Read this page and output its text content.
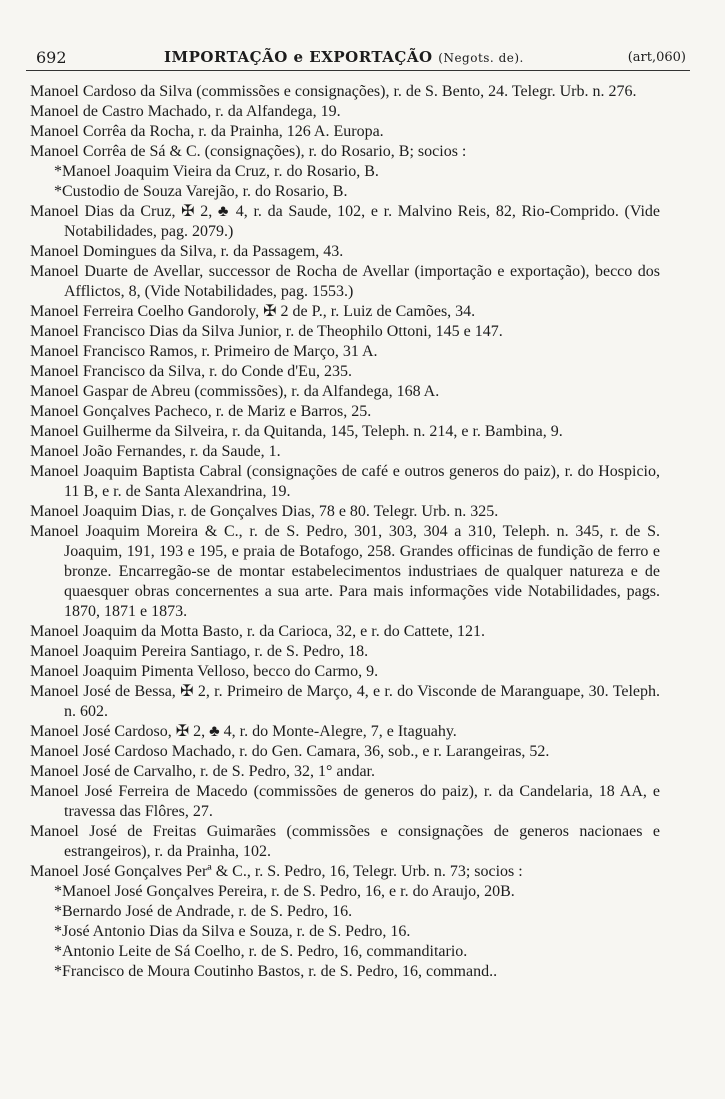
692	IMPORTAÇÃO e EXPORTAÇÃO (Negots. de).	(art,060)

Manoel Cardoso da Silva (commissões e consignações), r. de S. Bento, 24. Telegr. Urb. n. 276.

Manoel de Castro Machado, r. da Alfandega, 19.

Manoel Corrêa da Rocha, r. da Prainha, 126 A. Europa.

Manoel Corrêa de Sá & C. (consignações), r. do Rosario, B; socios :

*Manoel Joaquim Vieira da Cruz, r. do Rosario, B.

*Custodio de Souza Varejão, r. do Rosario, B.

Manoel Dias da Cruz, ✠ 2, ♣ 4, r. da Saude, 102, e r. Malvino Reis, 82, Rio-Comprido. (Vide Notabilidades, pag. 2079.)

Manoel Domingues da Silva, r. da Passagem, 43.

Manoel Duarte de Avellar, successor de Rocha de Avellar (importação e exportação), becco dos Afflictos, 8, (Vide Notabilidades, pag. 1553.)

Manoel Ferreira Coelho Gandoroly, ✠ 2 de P., r. Luiz de Camões, 34.

Manoel Francisco Dias da Silva Junior, r. de Theophilo Ottoni, 145 e 147.

Manoel Francisco Ramos, r. Primeiro de Março, 31 A.

Manoel Francisco da Silva, r. do Conde d'Eu, 235.

Manoel Gaspar de Abreu (commissões), r. da Alfandega, 168 A.

Manoel Gonçalves Pacheco, r. de Mariz e Barros, 25.

Manoel Guilherme da Silveira, r. da Quitanda, 145, Teleph. n. 214, e r. Bambina, 9.

Manoel João Fernandes, r. da Saude, 1.

Manoel Joaquim Baptista Cabral (consignações de café e outros generos do paiz), r. do Hospicio, 11 B, e r. de Santa Alexandrina, 19.

Manoel Joaquim Dias, r. de Gonçalves Dias, 78 e 80. Telegr. Urb. n. 325.

Manoel Joaquim Moreira & C., r. de S. Pedro, 301, 303, 304 a 310, Teleph. n. 345, r. de S. Joaquim, 191, 193 e 195, e praia de Botafogo, 258. Grandes officinas de fundição de ferro e bronze. Encarregão-se de montar estabelecimentos industriaes de qualquer natureza e de quaesquer obras concernentes a sua arte. Para mais informações vide Notabilidades, pags. 1870, 1871 e 1873.

Manoel Joaquim da Motta Basto, r. da Carioca, 32, e r. do Cattete, 121.

Manoel Joaquim Pereira Santiago, r. de S. Pedro, 18.

Manoel Joaquim Pimenta Velloso, becco do Carmo, 9.

Manoel José de Bessa, ✠ 2, r. Primeiro de Março, 4, e r. do Visconde de Maranguape, 30. Teleph. n. 602.

Manoel José Cardoso, ✠ 2, ♣ 4, r. do Monte-Alegre, 7, e Itaguahy.

Manoel José Cardoso Machado, r. do Gen. Camara, 36, sob., e r. Larangeiras, 52.

Manoel José de Carvalho, r. de S. Pedro, 32, 1° andar.

Manoel José Ferreira de Macedo (commissões de generos do paiz), r. da Candelaria, 18 AA, e travessa das Flôres, 27.

Manoel José de Freitas Guimarães (commissões e consignações de generos nacionaes e estrangeiros), r. da Prainha, 102.

Manoel José Gonçalves Perª & C., r. S. Pedro, 16, Telegr. Urb. n. 73; socios :

*Manoel José Gonçalves Pereira, r. de S. Pedro, 16, e r. do Araujo, 20B.

*Bernardo José de Andrade, r. de S. Pedro, 16.

*José Antonio Dias da Silva e Souza, r. de S. Pedro, 16.

*Antonio Leite de Sá Coelho, r. de S. Pedro, 16, commanditario.

*Francisco de Moura Coutinho Bastos, r. de S. Pedro, 16, command..
